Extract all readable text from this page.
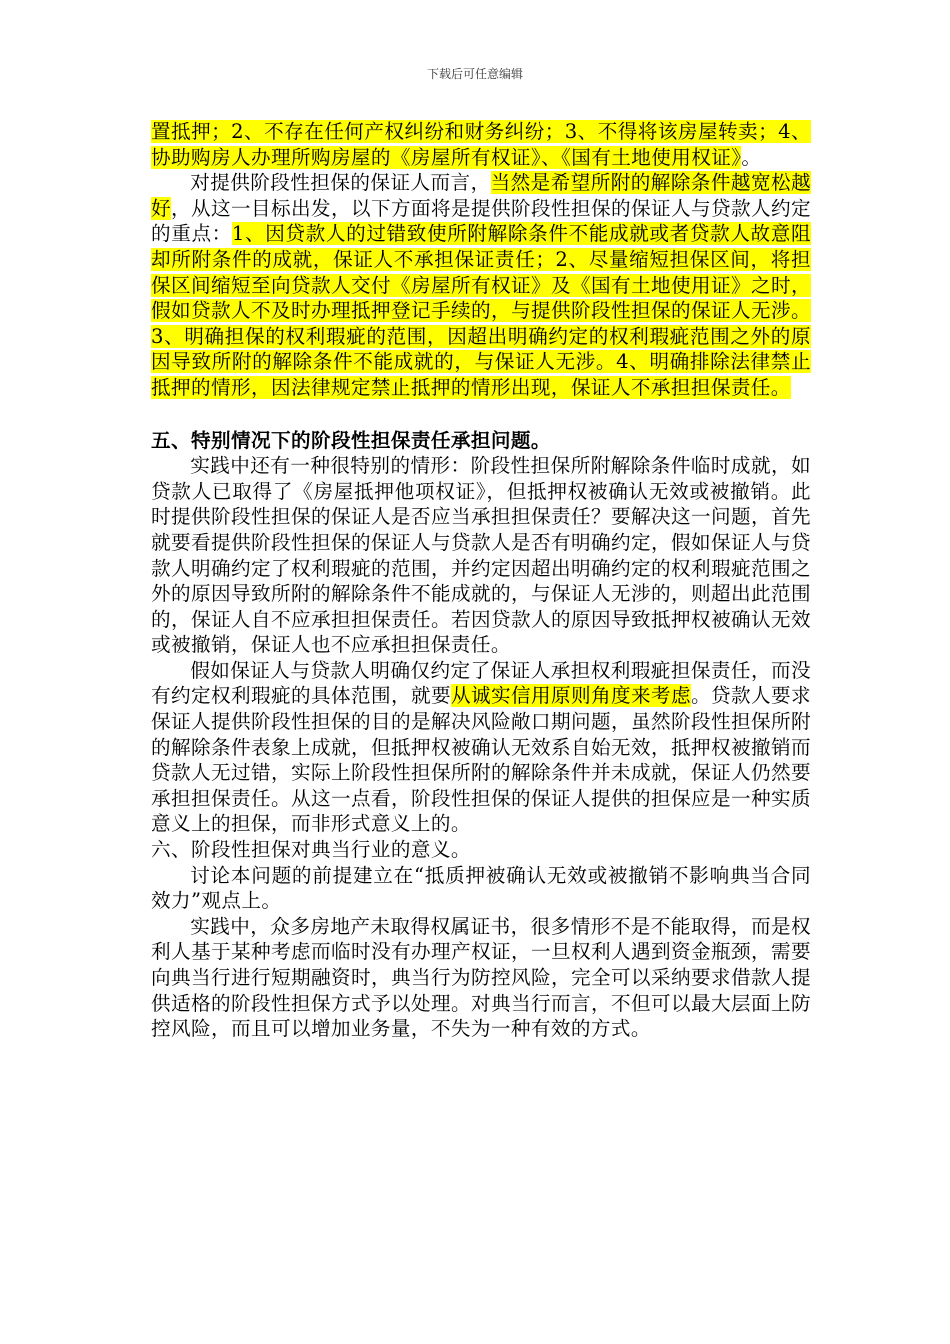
下载后可任意编辑

置抵押；2、不存在任何产权纠纷和财务纠纷；3、不得将该房屋转卖；4、协助购房人办理所购房屋的《房屋所有权证》、《国有土地使用权证》。

对提供阶段性担保的保证人而言，当然是希望所附的解除条件越宽松越好，从这一目标出发，以下方面将是提供阶段性担保的保证人与贷款人约定的重点：1、因贷款人的过错致使所附解除条件不能成就或者贷款人故意阻却所附条件的成就，保证人不承担保证责任；2、尽量缩短担保区间，将担保区间缩短至向贷款人交付《房屋所有权证》及《国有土地使用证》之时，假如贷款人不及时办理抵押登记手续的，与提供阶段性担保的保证人无涉。3、明确担保的权利瑕疵的范围，因超出明确约定的权利瑕疵范围之外的原因导致所附的解除条件不能成就的，与保证人无涉。4、明确排除法律禁止抵押的情形，因法律规定禁止抵押的情形出现，保证人不承担担保责任。

五、特别情况下的阶段性担保责任承担问题。

实践中还有一种很特别的情形：阶段性担保所附解除条件临时成就，如贷款人已取得了《房屋抵押他项权证》，但抵押权被确认无效或被撤销。此时提供阶段性担保的保证人是否应当承担担保责任？要解决这一问题，首先就要看提供阶段性担保的保证人与贷款人是否有明确约定，假如保证人与贷款人明确约定了权利瑕疵的范围，并约定因超出明确约定的权利瑕疵范围之外的原因导致所附的解除条件不能成就的，与保证人无涉的，则超出此范围的，保证人自不应承担担保责任。若因贷款人的原因导致抵押权被确认无效或被撤销，保证人也不应承担担保责任。

假如保证人与贷款人明确仅约定了保证人承担权利瑕疵担保责任，而没有约定权利瑕疵的具体范围，就要从诚实信用原则角度来考虑。贷款人要求保证人提供阶段性担保的目的是解决风险敞口期问题，虽然阶段性担保所附的解除条件表象上成就，但抵押权被确认无效系自始无效，抵押权被撤销而贷款人无过错，实际上阶段性担保所附的解除条件并未成就，保证人仍然要承担担保责任。从这一点看，阶段性担保的保证人提供的担保应是一种实质意义上的担保，而非形式意义上的。

六、阶段性担保对典当行业的意义。

讨论本问题的前提建立在“抵质押被确认无效或被撤销不影响典当合同效力”观点上。

实践中，众多房地产未取得权属证书，很多情形不是不能取得，而是权利人基于某种考虑而临时没有办理产权证，一旦权利人遇到资金瓶颈，需要向典当行进行短期融资时，典当行为防控风险，完全可以采纳要求借款人提供适格的阶段性担保方式予以处理。对典当行而言，不但可以最大层面上防控风险，而且可以增加业务量，不失为一种有效的方式。
